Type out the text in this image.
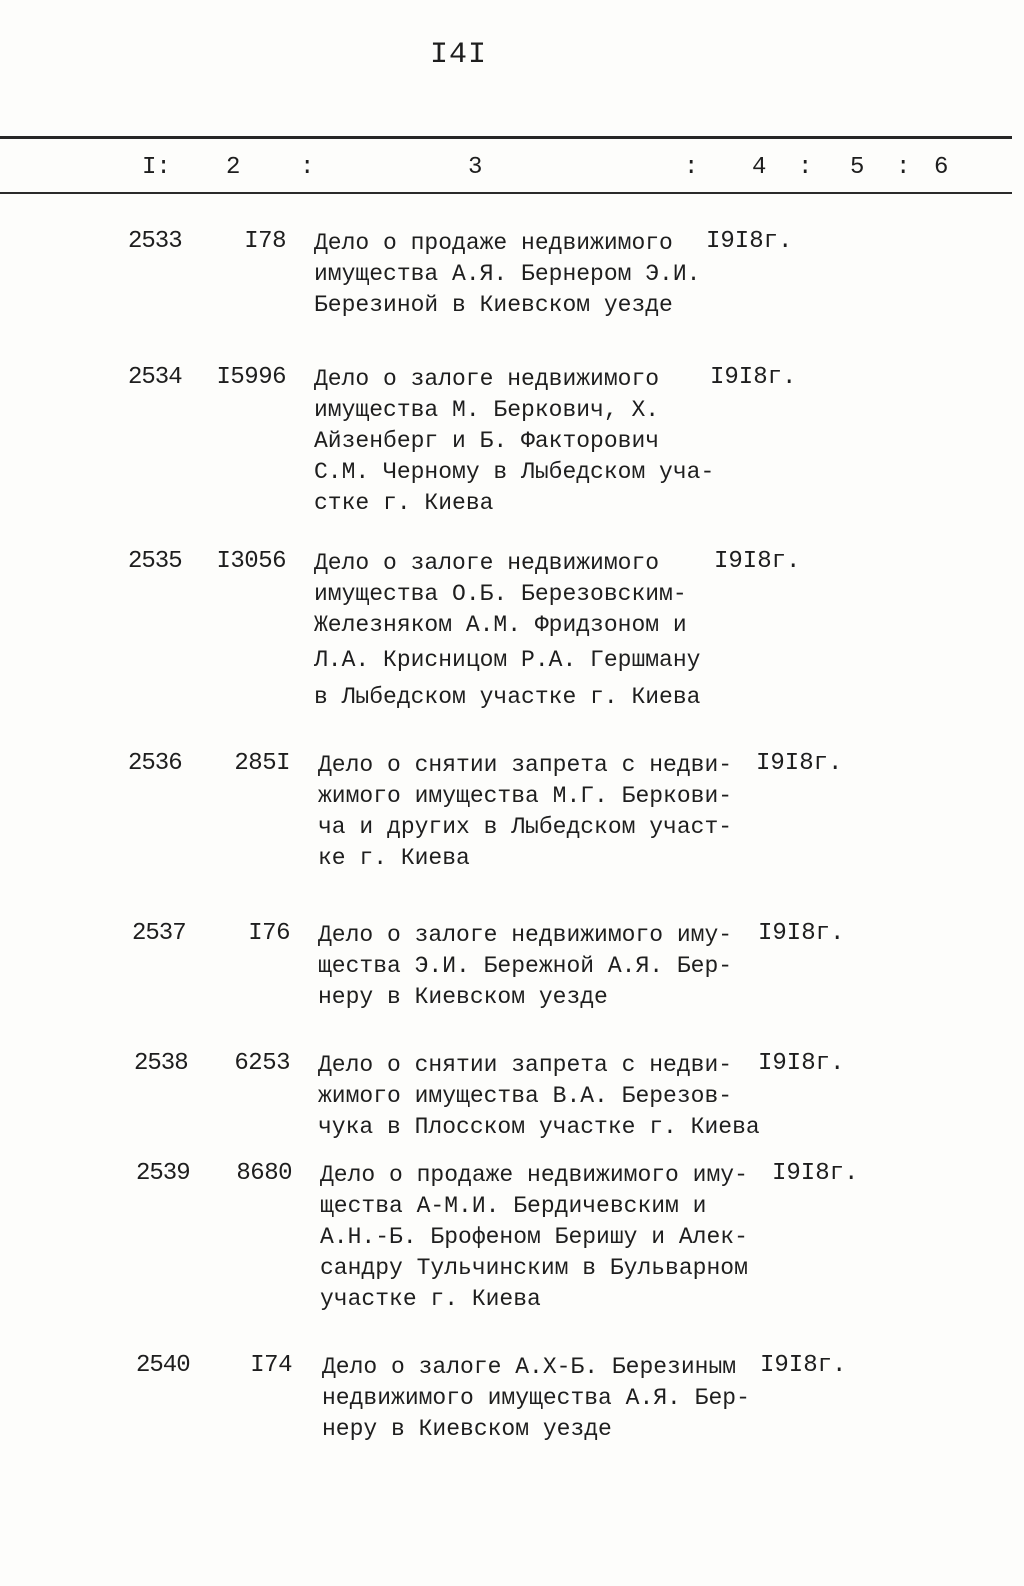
I4I
I: 2 :	3	: 4 : 5 : 6
2533	I78 Дело о продаже недвижимого
имущества А.Я. Бернером Э.И.
Березиной в Киевском уезде
I9I8г.
2534	I5996 Дело о залоге недвижимого
имущества М. Беркович, Х.
Айзенберг и Б. Факторович
С.М. Черному в Лыбедском уча-
стке г. Киева
I9I8г.
2535	I3056 Дело о залоге недвижимого
имущества О.Б. Березовским-
Железняком А.М. Фридзоном и
Л.А. Крисницом Р.А. Гершману
в Лыбедском участке г. Киева
I9I8г.
2536	285I Дело о снятии запрета с недви-
жимого имущества М.Г. Беркови-
ча и других в Лыбедском участ-
ке г. Киева
I9I8г.
2537	I76 Дело о залоге недвижимого иму-
щества Э.И. Бережной А.Я. Бер-
неру в Киевском уезде
I9I8г.
2538	6253 Дело о снятии запрета с недви-
жимого имущества В.А. Березов-
чука в Плосском участке г. Киева
I9I8г.
2539	8680 Дело о продаже недвижимого иму-
щества А-М.И. Бердичевским и
А.Н.-Б. Брофеном Беришу и Алек-
сандру Тульчинским в Бульварном
участке г. Киева
I9I8г.
2540	I74 Дело о залоге А.Х-Б. Березиным
недвижимого имущества А.Я. Бер-
неру в Киевском уезде
I9I8г.
